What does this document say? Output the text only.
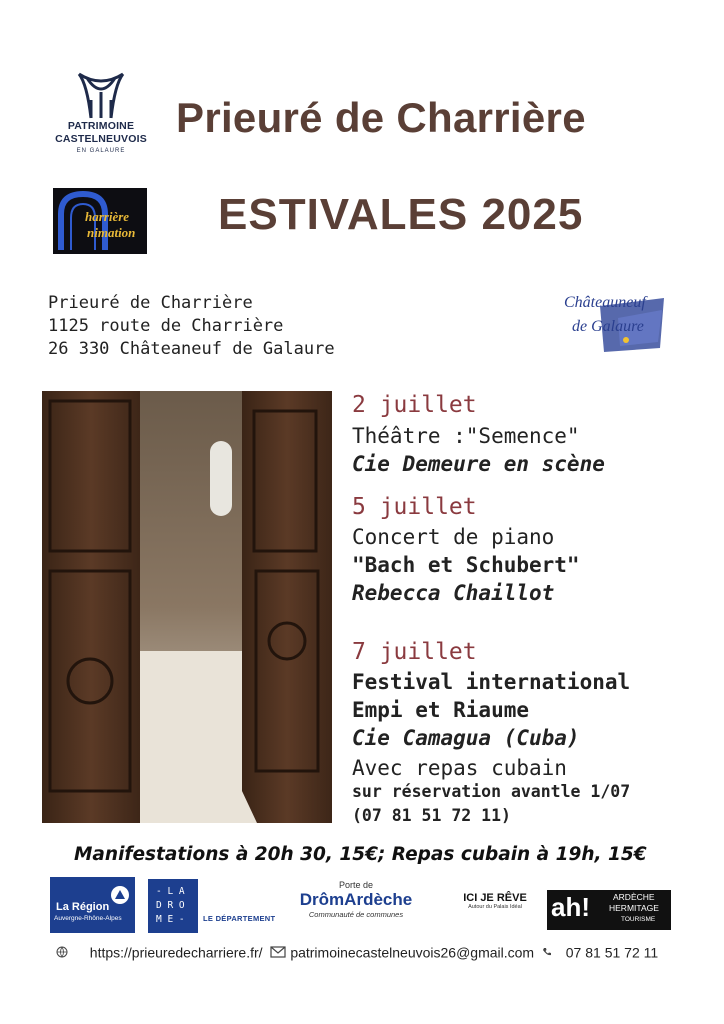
PATRIMOINE
CASTELNEUVOIS
EN GALAURE
Prieuré de Charrière
ESTIVALES 2025
harrière
nimation
Prieuré de Charrière
1125 route de Charrière
26 330 Châteaneuf de Galaure
Châteauneuf
de Galaure
2 juillet
Théâtre :"Semence"
Cie Demeure en scène
5 juillet
Concert de piano
"Bach et Schubert"
Rebecca Chaillot
7 juillet
Festival international
Empi et Riaume
Cie Camagua (Cuba)
Avec repas cubain
sur réservation avantle 1/07
(07 81 51 72 11)
Manifestations à 20h 30, 15€; Repas cubain à 19h, 15€
La Région
Auvergne-Rhône-Alpes
- L A
D R O
M E - LE DÉPARTEMENT
Porte de
DrômArdèche
Communauté de communes
ICI JE RÊVE
Autour du Palais Idéal	ah!	ARDÈCHE
HERMITAGE
TOURISME
https://prieuredecharriere.fr/ patrimoinecastelneuvois26@gmail.com 07 81 51 72 11
